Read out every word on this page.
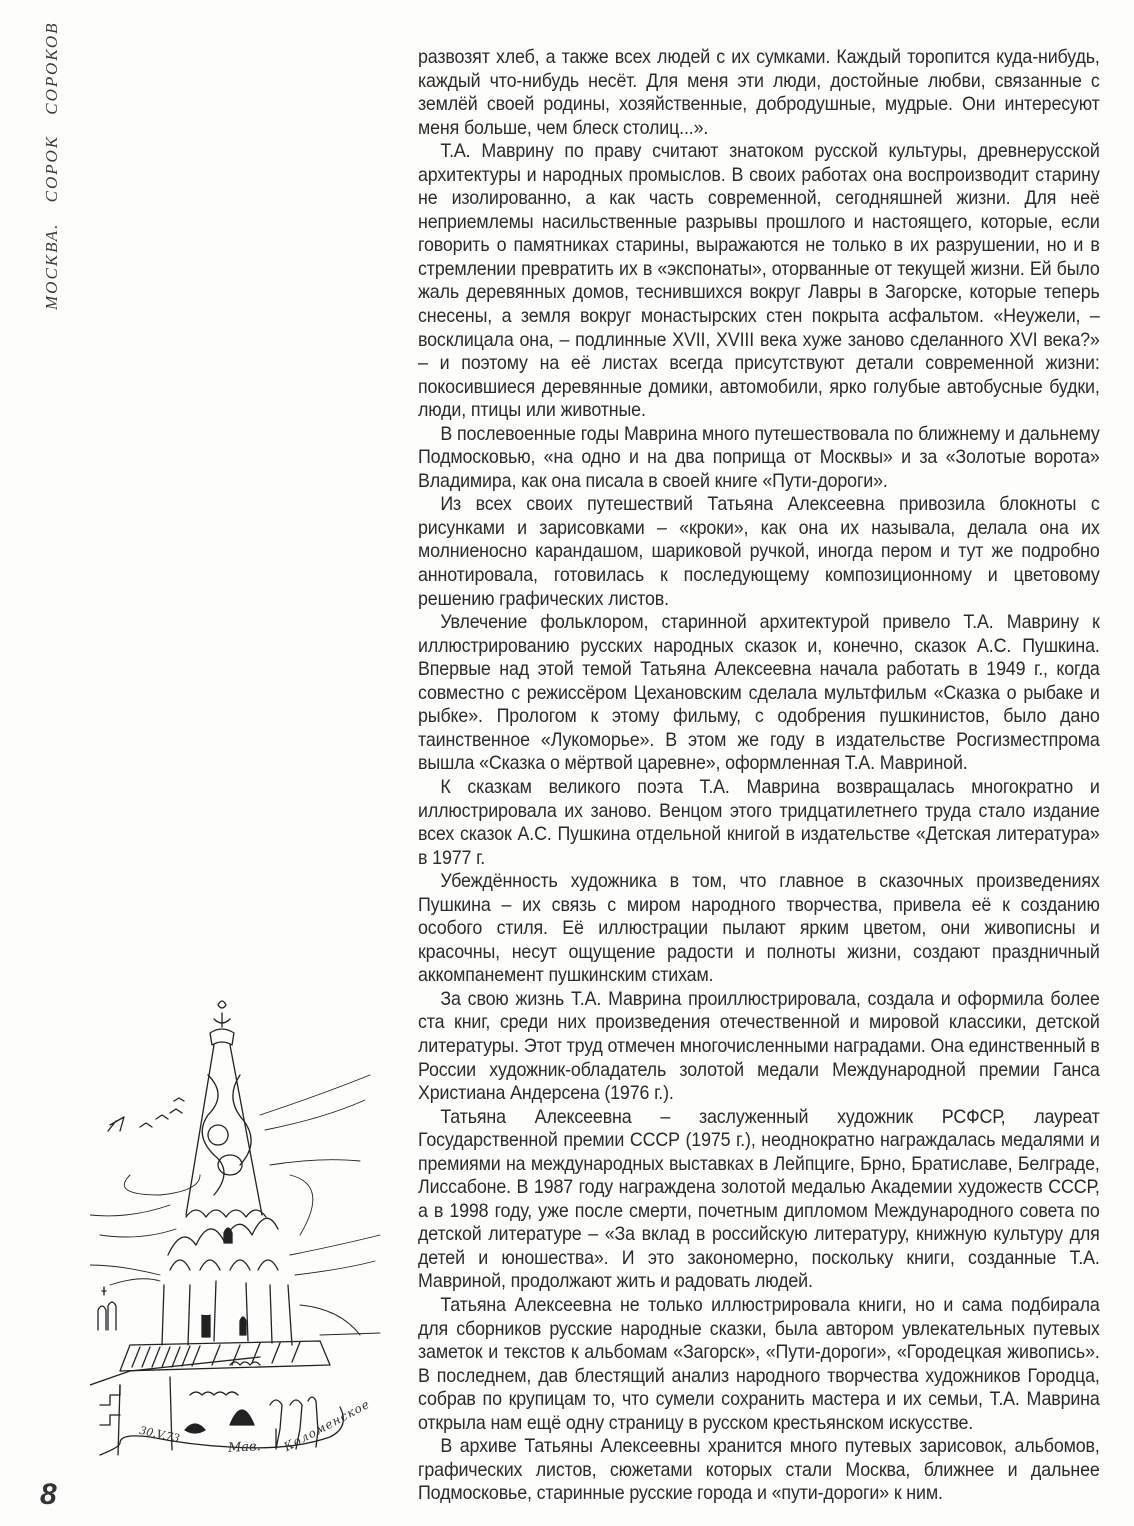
МОСКВА. СОРОК СОРОКОВ	развозят хлеб, а также всех людей с их сумками. Каждый торопится куда-нибудь, каждый что-нибудь несёт. Для меня эти люди, достойные любви, связанные с землёй своей родины, хозяйственные, добродушные, мудрые. Они интересуют меня больше, чем блеск столиц...».

Т.А. Маврину по праву считают знатоком русской культуры, древнерусской архитектуры и народных промыслов. В своих работах она воспроизводит старину не изолированно, а как часть современной, сегодняшней жизни. Для неё неприемлемы насильственные разрывы прошлого и настоящего, которые, если говорить о памятниках старины, выражаются не только в их разрушении, но и в стремлении превратить их в «экспонаты», оторванные от текущей жизни. Ей было жаль деревянных домов, теснившихся вокруг Лавры в Загорске, которые теперь снесены, а земля вокруг монастырских стен покрыта асфальтом. «Неужели, – восклицала она, – подлинные XVII, XVIII века хуже заново сделанного XVI века?» – и поэтому на её листах всегда присутствуют детали современной жизни: покосившиеся деревянные домики, автомобили, ярко голубые автобусные будки, люди, птицы или животные.

В послевоенные годы Маврина много путешествовала по ближнему и дальнему Подмосковью, «на одно и на два поприща от Москвы» и за «Золотые ворота» Владимира, как она писала в своей книге «Пути-дороги».

Из всех своих путешествий Татьяна Алексеевна привозила блокноты с рисунками и зарисовками – «кроки», как она их называла, делала она их молниеносно карандашом, шариковой ручкой, иногда пером и тут же подробно аннотировала, готовилась к последующему композиционному и цветовому решению графических листов.

Увлечение фольклором, старинной архитектурой привело Т.А. Маврину к иллюстрированию русских народных сказок и, конечно, сказок А.С. Пушкина. Впервые над этой темой Татьяна Алексеевна начала работать в 1949 г., когда совместно с режиссёром Цехановским сделала мультфильм «Сказка о рыбаке и рыбке». Прологом к этому фильму, с одобрения пушкинистов, было дано таинственное «Лукоморье». В этом же году в издательстве Росгизместпрома вышла «Сказка о мёртвой царевне», оформленная Т.А. Мавриной.

К сказкам великого поэта Т.А. Маврина возвращалась многократно и иллюстрировала их заново. Венцом этого тридцатилетнего труда стало издание всех сказок А.С. Пушкина отдельной книгой в издательстве «Детская литература» в 1977 г.

Убеждённость художника в том, что главное в сказочных произведениях Пушкина – их связь с миром народного творчества, привела её к созданию особого стиля. Её иллюстрации пылают ярким цветом, они живописны и красочны, несут ощущение радости и полноты жизни, создают праздничный аккомпанемент пушкинским стихам.

За свою жизнь Т.А. Маврина проиллюстрировала, создала и оформила более ста книг, среди них произведения отечественной и мировой классики, детской литературы. Этот труд отмечен многочисленными наградами. Она единственный в России художник-обладатель золотой медали Международной премии Ганса Христиана Андерсена (1976 г.).

Татьяна Алексеевна – заслуженный художник РСФСР, лауреат Государственной премии СССР (1975 г.), неоднократно награждалась медалями и премиями на международных выставках в Лейпциге, Брно, Братиславе, Белграде, Лиссабоне. В 1987 году награждена золотой медалью Академии художеств СССР, а в 1998 году, уже после смерти, почетным дипломом Международного совета по детской литературе – «За вклад в российскую литературу, книжную культуру для детей и юношества». И это закономерно, поскольку книги, созданные Т.А. Мавриной, продолжают жить и радовать людей.

Татьяна Алексеевна не только иллюстрировала книги, но и сама подбирала для сборников русские народные сказки, была автором увлекательных путевых заметок и текстов к альбомам «Загорск», «Пути-дороги», «Городецкая живопись». В последнем, дав блестящий анализ народного творчества художников Городца, собрав по крупицам то, что сумели сохранить мастера и их семьи, Т.А. Маврина открыла нам ещё одну страницу в русском крестьянском искусстве.

В архиве Татьяны Алексеевны хранится много путевых зарисовок, альбомов, графических листов, сюжетами которых стали Москва, ближнее и дальнее Подмосковье, старинные русские города и «пути-дороги» к ним.

30.V.73
Мав. Коломенское
8
